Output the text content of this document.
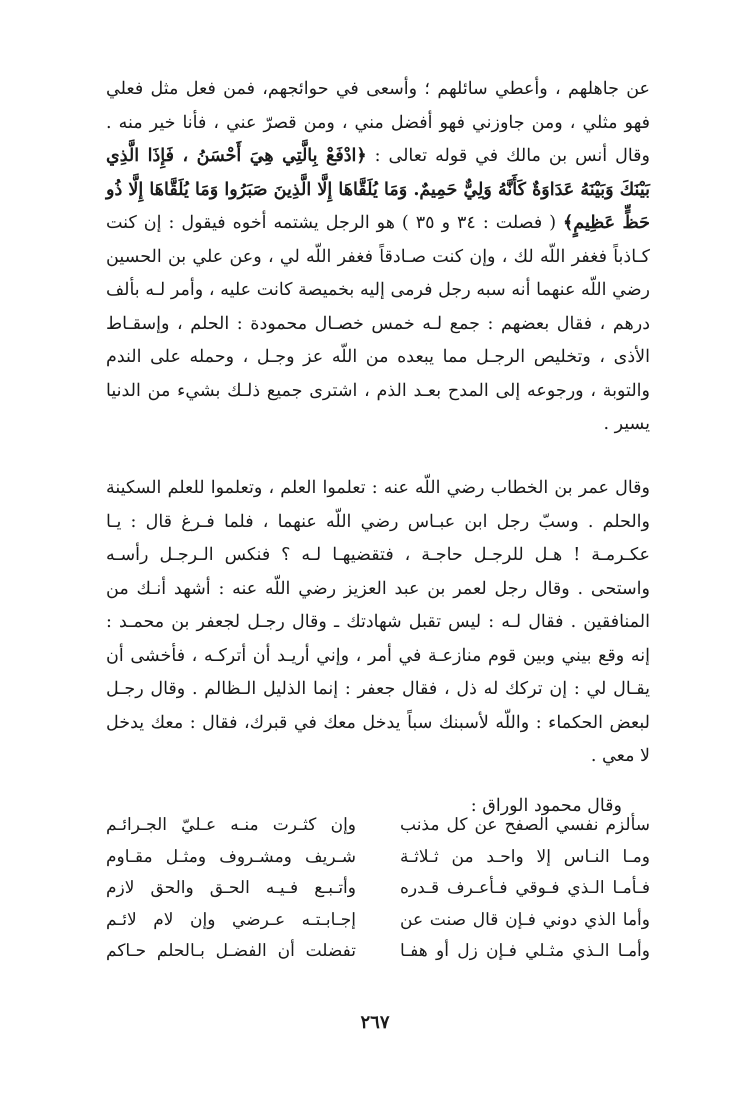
عن جاهلهم ، وأعطي سائلهم ؛ وأسعى في حوائجهم، فمن فعل مثل فعلي فهو مثلي ، ومن جاوزني فهو أفضل مني ، ومن قصرّ عني ، فأنا خير منه . وقال أنس بن مالك في قوله تعالى : ﴿ادْفَعْ بِالَّتِي هِيَ أَحْسَنُ ، فَإِذَا الَّذِي بَيْنَكَ وَبَيْنَهُ عَدَاوَةٌ كَأَنَّهُ وَلِيٌّ حَمِيمٌ. وَمَا يُلَقَّاهَا إِلَّا الَّذِينَ صَبَرُوا وَمَا يُلَقَّاهَا إِلَّا ذُو حَظٍّ عَظِيمٍ﴾ ( فصلت : ٣٤ و ٣٥ ) هو الرجل يشتمه أخوه فيقول : إن كنت كـاذباً فغفر اللّه لك ، وإن كنت صـادقاً فغفر اللّه لي ، وعن علي بن الحسين رضي اللّه عنهما أنه سبه رجل فرمى إليه بخميصة كانت عليه ، وأمر لـه بألف درهم ، فقال بعضهم : جمع لـه خمس خصـال محمودة : الحلم ، وإسقـاط الأذى ، وتخليص الرجـل مما يبعده من اللّه عز وجـل ، وحمله على الندم والتوبة ، ورجوعه إلى المدح بعـد الذم ، اشترى جميع ذلـك بشيء من الدنيا يسير .

وقال عمر بن الخطاب رضي اللّه عنه : تعلموا العلم ، وتعلموا للعلم السكينة والحلم . وسبّ رجل ابن عبـاس رضي اللّه عنهما ، فلما فـرغ قال : يـا عكـرمـة ! هـل للرجـل حاجـة ، فتقضيهـا لـه ؟ فنكس الـرجـل رأسـه واستحى . وقال رجل لعمر بن عبد العزيز رضي اللّه عنه : أشهد أنـك من المنافقين . فقال لـه : ليس تقبل شهادتك ـ وقال رجـل لجعفر بن محمـد : إنه وقع بيني وبين قوم منازعـة في أمر ، وإني أريـد أن أتركـه ، فأخشى أن يقـال لي : إن تركك له ذل ، فقال جعفر : إنما الذليل الـظالم . وقال رجـل لبعض الحكماء : واللّه لأسبنك سباً يدخل معك في قبرك، فقال : معك يدخل لا معي .

وقال محمود الوراق :
سألزم نفسي الصفح عن كل مذنب
وإن كثـرت منـه عـليّ الجـرائـم
ومـا النـاس إلا واحـد من ثـلاثـة
شـريف ومشـروف ومثـل مقـاوم
فـأمـا الـذي فـوقي فـأعـرف قـدره
وأتـبـع فـيـه الحـق والحق لازم
وأما الذي دوني فـإن قال صنت عن
إجـابـتـه عـرضي وإن لام لائـم
وأمـا الـذي مثـلي فـإن زل أو هفـا
تفضلت أن الفضـل بـالحلم حـاكم
٢٦٧
